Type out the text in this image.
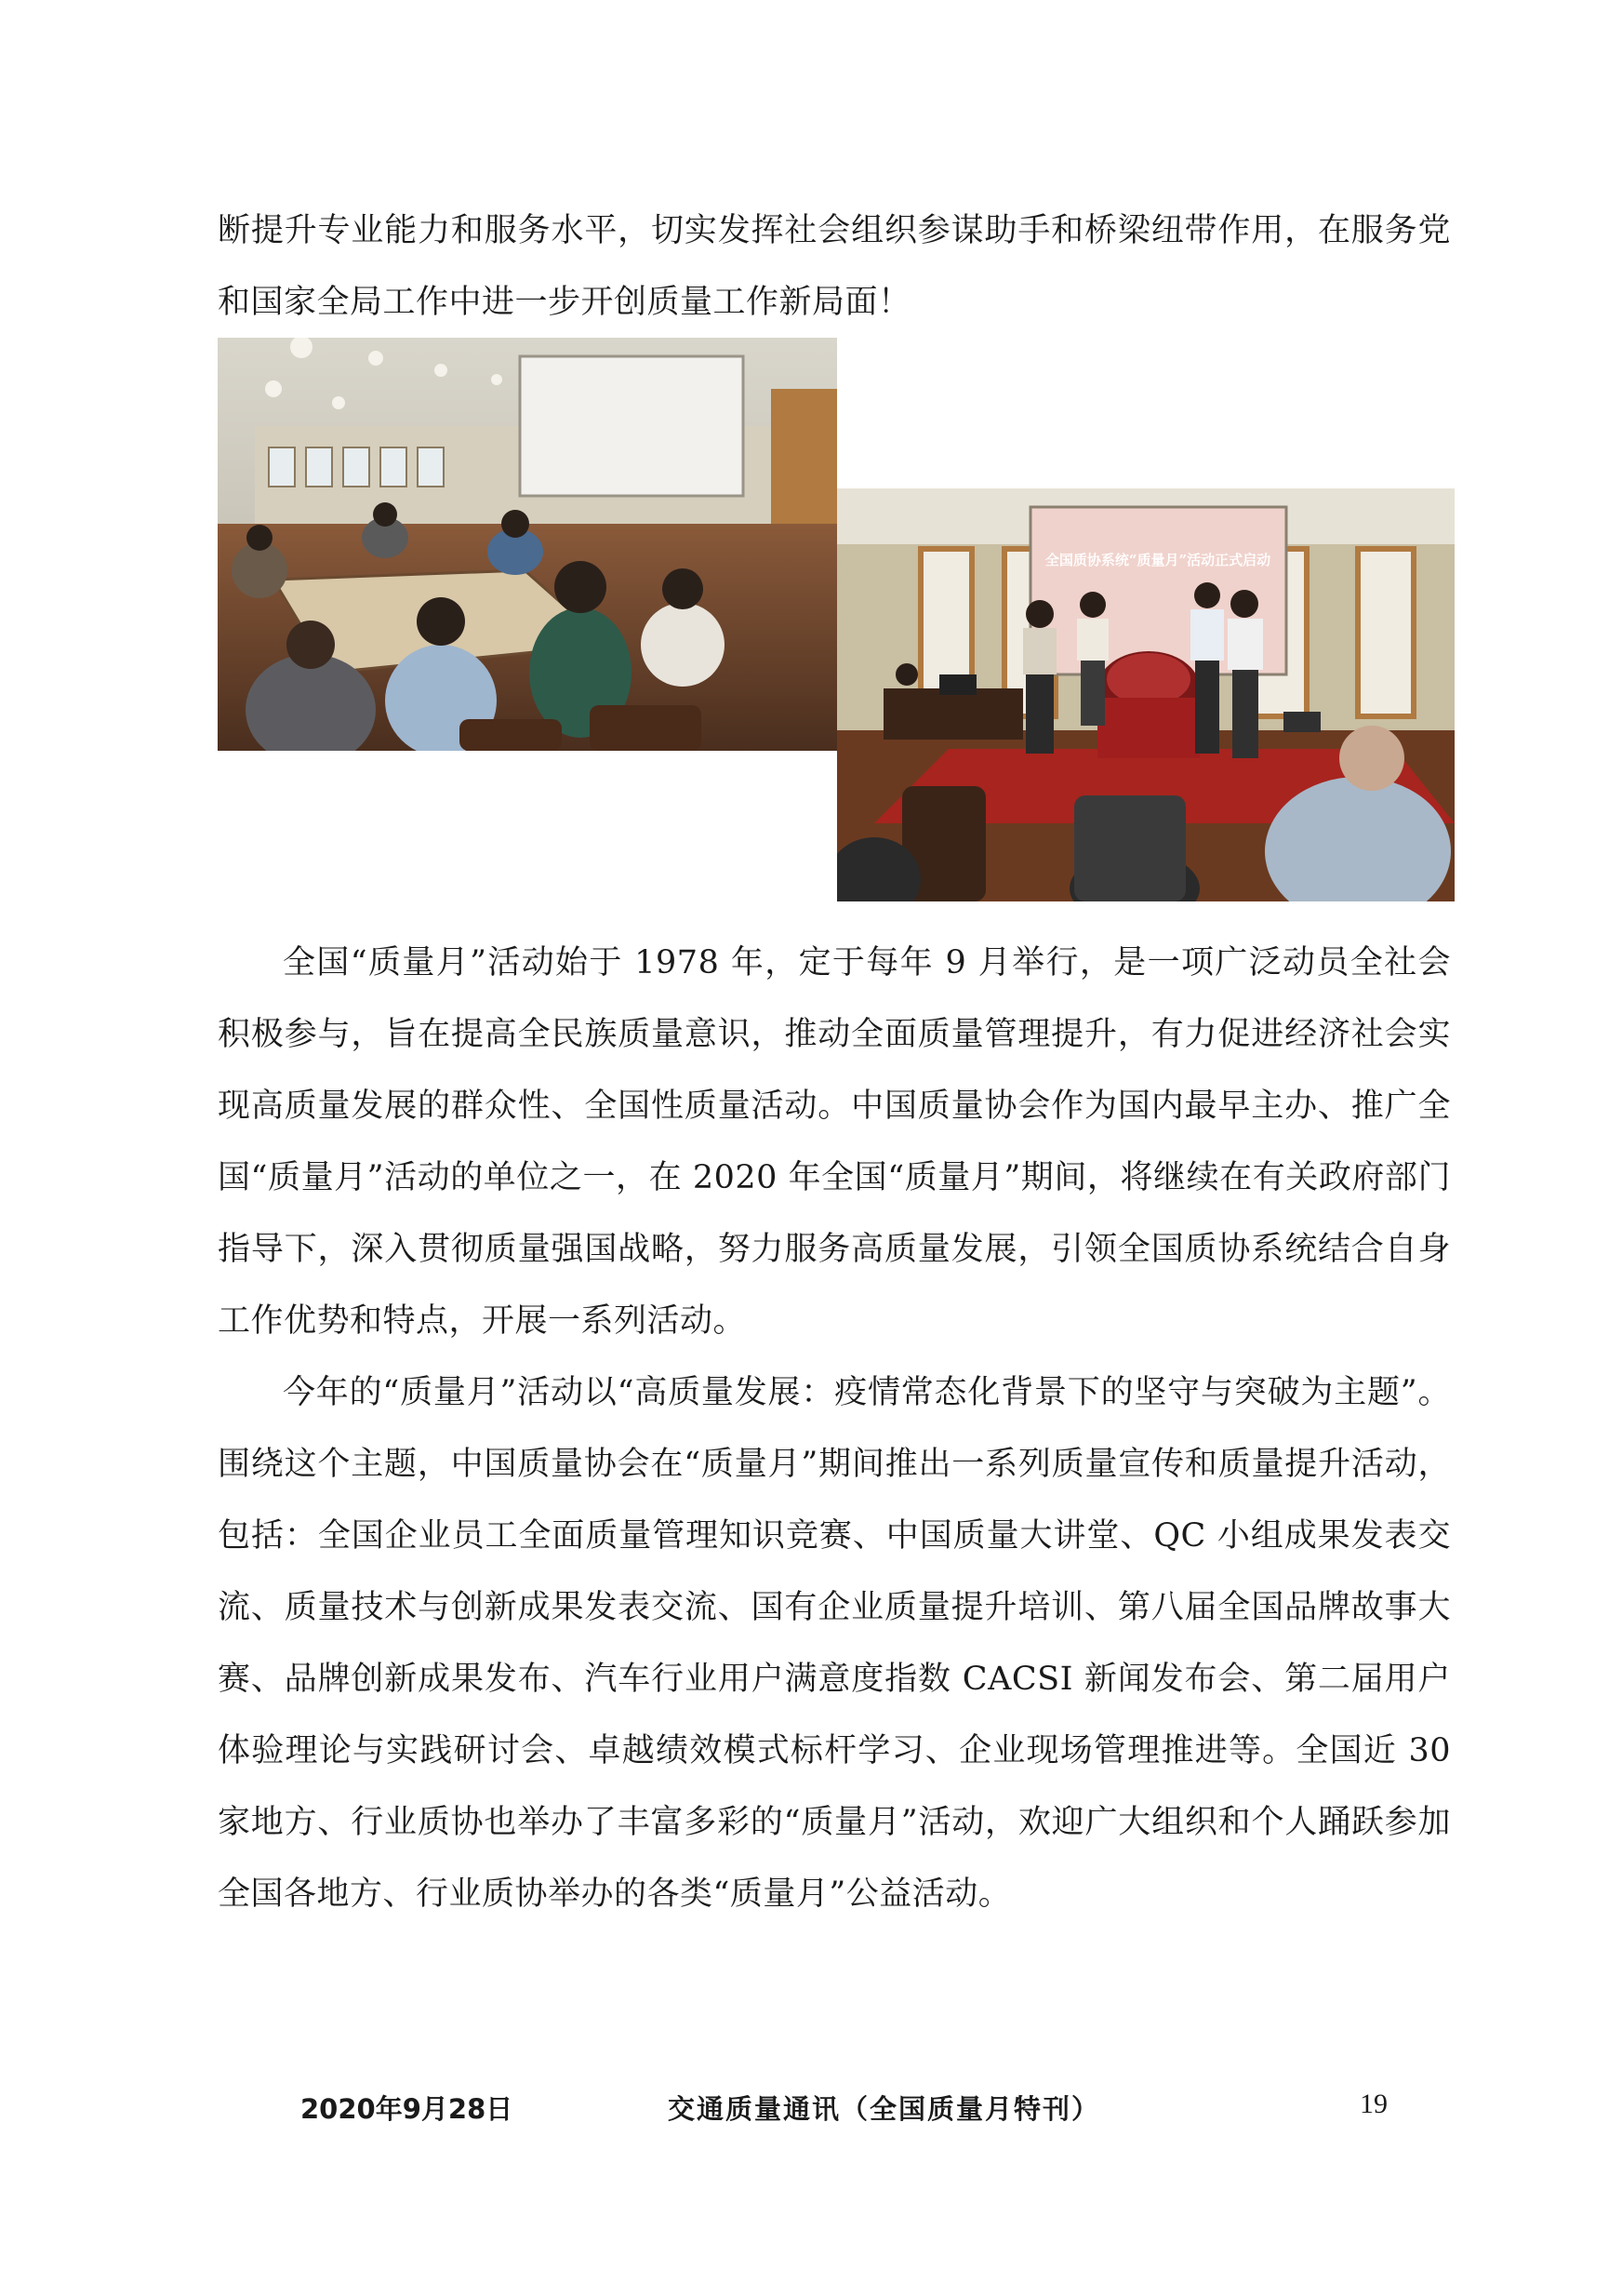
断提升专业能力和服务水平，切实发挥社会组织参谋助手和桥梁纽带作用，在服务党和国家全局工作中进一步开创质量工作新局面！

全国质协系统“质量月”活动正式启动

全国“质量月”活动始于 1978 年，定于每年 9 月举行，是一项广泛动员全社会积极参与，旨在提高全民族质量意识，推动全面质量管理提升，有力促进经济社会实现高质量发展的群众性、全国性质量活动。中国质量协会作为国内最早主办、推广全国“质量月”活动的单位之一，在 2020 年全国“质量月”期间，将继续在有关政府部门指导下，深入贯彻质量强国战略，努力服务高质量发展，引领全国质协系统结合自身工作优势和特点，开展一系列活动。

今年的“质量月”活动以“高质量发展：疫情常态化背景下的坚守与突破为主题”。围绕这个主题，中国质量协会在“质量月”期间推出一系列质量宣传和质量提升活动，包括：全国企业员工全面质量管理知识竞赛、中国质量大讲堂、QC 小组成果发表交流、质量技术与创新成果发表交流、国有企业质量提升培训、第八届全国品牌故事大赛、品牌创新成果发布、汽车行业用户满意度指数 CACSI 新闻发布会、第二届用户体验理论与实践研讨会、卓越绩效模式标杆学习、企业现场管理推进等。全国近 30 家地方、行业质协也举办了丰富多彩的“质量月”活动，欢迎广大组织和个人踊跃参加全国各地方、行业质协举办的各类“质量月”公益活动。

2020年9月28日	交通质量通讯（全国质量月特刊）	19
